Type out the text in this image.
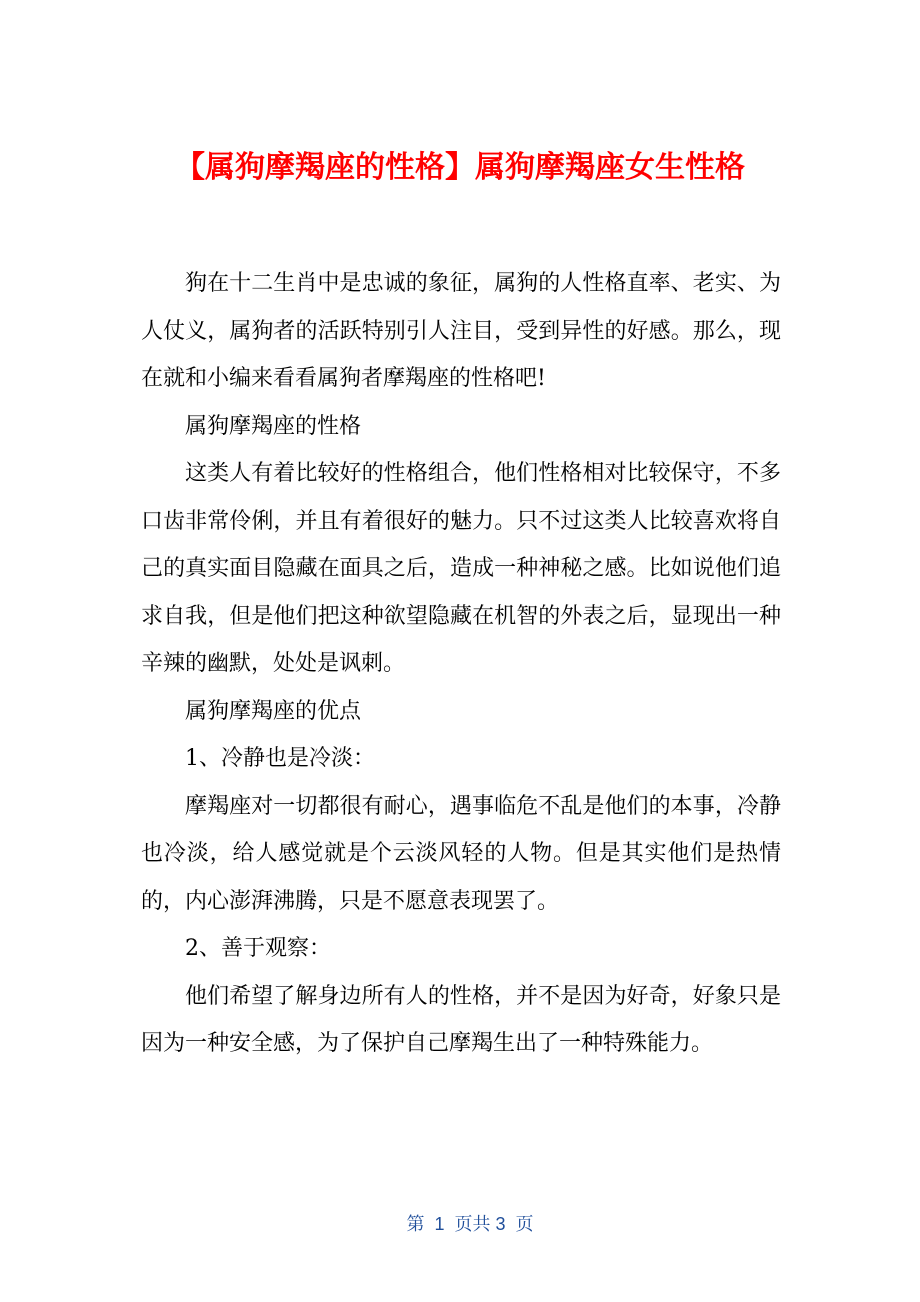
【属狗摩羯座的性格】属狗摩羯座女生性格

狗在十二生肖中是忠诚的象征，属狗的人性格直率、老实、为人仗义，属狗者的活跃特别引人注目，受到异性的好感。那么，现在就和小编来看看属狗者摩羯座的性格吧!

属狗摩羯座的性格

这类人有着比较好的性格组合，他们性格相对比较保守，不多口齿非常伶俐，并且有着很好的魅力。只不过这类人比较喜欢将自己的真实面目隐藏在面具之后，造成一种神秘之感。比如说他们追求自我，但是他们把这种欲望隐藏在机智的外表之后，显现出一种辛辣的幽默，处处是讽刺。

属狗摩羯座的优点

1、冷静也是冷淡：

摩羯座对一切都很有耐心，遇事临危不乱是他们的本事，冷静也冷淡，给人感觉就是个云淡风轻的人物。但是其实他们是热情的，内心澎湃沸腾，只是不愿意表现罢了。

2、善于观察：

他们希望了解身边所有人的性格，并不是因为好奇，好象只是因为一种安全感，为了保护自己摩羯生出了一种特殊能力。

第  1  页共 3  页
